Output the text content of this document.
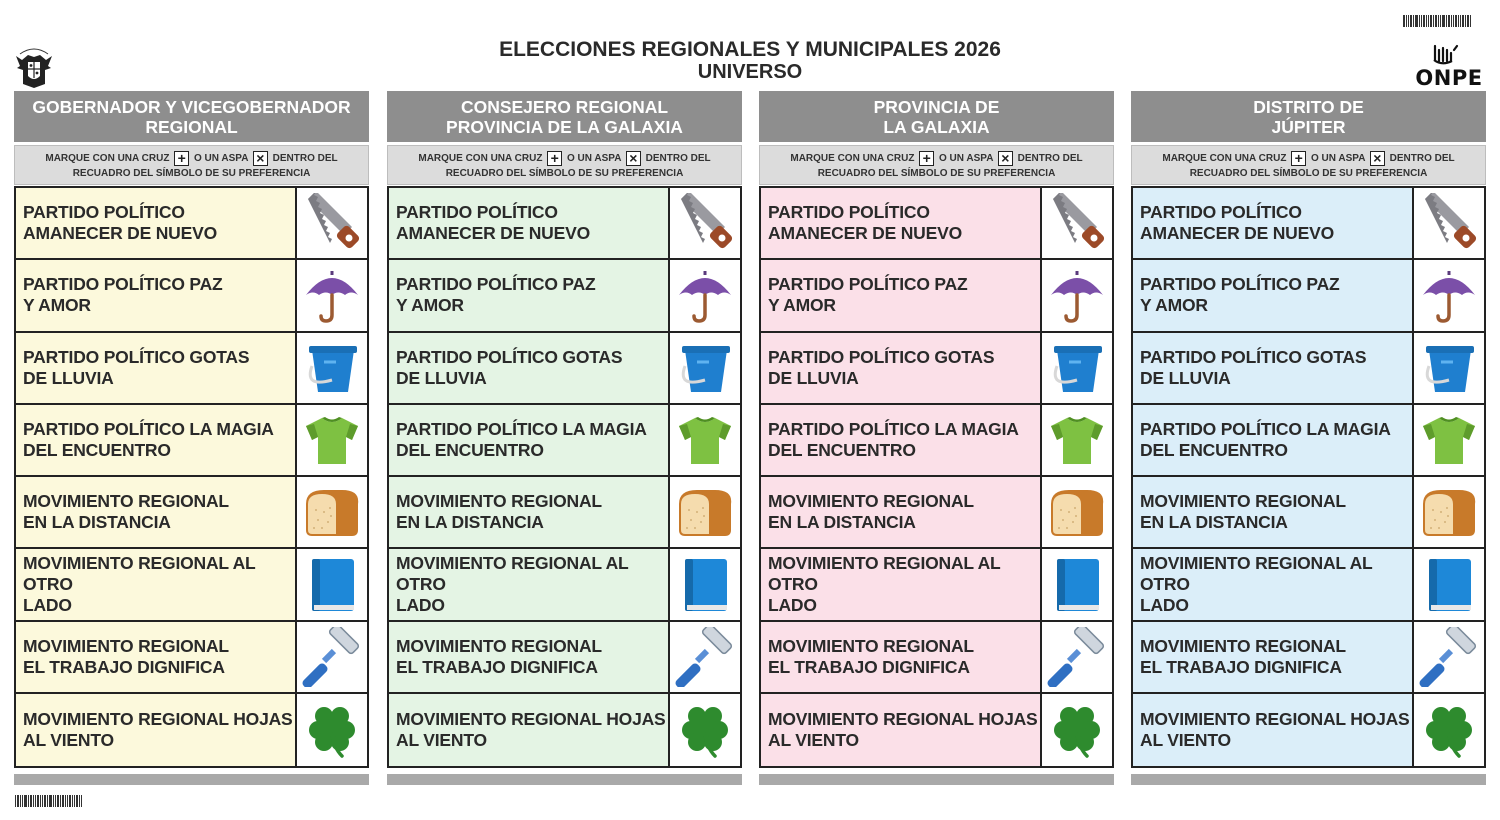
ONPE
ELECCIONES REGIONALES Y MUNICIPALES 2026
UNIVERSO
GOBERNADOR Y VICEGOBERNADOR
REGIONAL
MARQUE CON UNA CRUZ + O UN ASPA × DENTRO DEL
RECUADRO DEL SÍMBOLO DE SU PREFERENCIA
PARTIDO POLÍTICO
AMANECER DE NUEVO
PARTIDO POLÍTICO PAZ
Y AMOR
PARTIDO POLÍTICO GOTAS
DE LLUVIA
PARTIDO POLÍTICO LA MAGIA
DEL ENCUENTRO
MOVIMIENTO REGIONAL
EN LA DISTANCIA
MOVIMIENTO REGIONAL AL OTRO
LADO
MOVIMIENTO REGIONAL
EL TRABAJO DIGNIFICA
MOVIMIENTO REGIONAL HOJAS
AL VIENTO
CONSEJERO REGIONAL
PROVINCIA DE LA GALAXIA
MARQUE CON UNA CRUZ + O UN ASPA × DENTRO DEL
RECUADRO DEL SÍMBOLO DE SU PREFERENCIA
PARTIDO POLÍTICO
AMANECER DE NUEVO
PARTIDO POLÍTICO PAZ
Y AMOR
PARTIDO POLÍTICO GOTAS
DE LLUVIA
PARTIDO POLÍTICO LA MAGIA
DEL ENCUENTRO
MOVIMIENTO REGIONAL
EN LA DISTANCIA
MOVIMIENTO REGIONAL AL OTRO
LADO
MOVIMIENTO REGIONAL
EL TRABAJO DIGNIFICA
MOVIMIENTO REGIONAL HOJAS
AL VIENTO
PROVINCIA DE
LA GALAXIA
MARQUE CON UNA CRUZ + O UN ASPA × DENTRO DEL
RECUADRO DEL SÍMBOLO DE SU PREFERENCIA
PARTIDO POLÍTICO
AMANECER DE NUEVO
PARTIDO POLÍTICO PAZ
Y AMOR
PARTIDO POLÍTICO GOTAS
DE LLUVIA
PARTIDO POLÍTICO LA MAGIA
DEL ENCUENTRO
MOVIMIENTO REGIONAL
EN LA DISTANCIA
MOVIMIENTO REGIONAL AL OTRO
LADO
MOVIMIENTO REGIONAL
EL TRABAJO DIGNIFICA
MOVIMIENTO REGIONAL HOJAS
AL VIENTO
DISTRITO DE
JÚPITER
MARQUE CON UNA CRUZ + O UN ASPA × DENTRO DEL
RECUADRO DEL SÍMBOLO DE SU PREFERENCIA
PARTIDO POLÍTICO
AMANECER DE NUEVO
PARTIDO POLÍTICO PAZ
Y AMOR
PARTIDO POLÍTICO GOTAS
DE LLUVIA
PARTIDO POLÍTICO LA MAGIA
DEL ENCUENTRO
MOVIMIENTO REGIONAL
EN LA DISTANCIA
MOVIMIENTO REGIONAL AL OTRO
LADO
MOVIMIENTO REGIONAL
EL TRABAJO DIGNIFICA
MOVIMIENTO REGIONAL HOJAS
AL VIENTO
